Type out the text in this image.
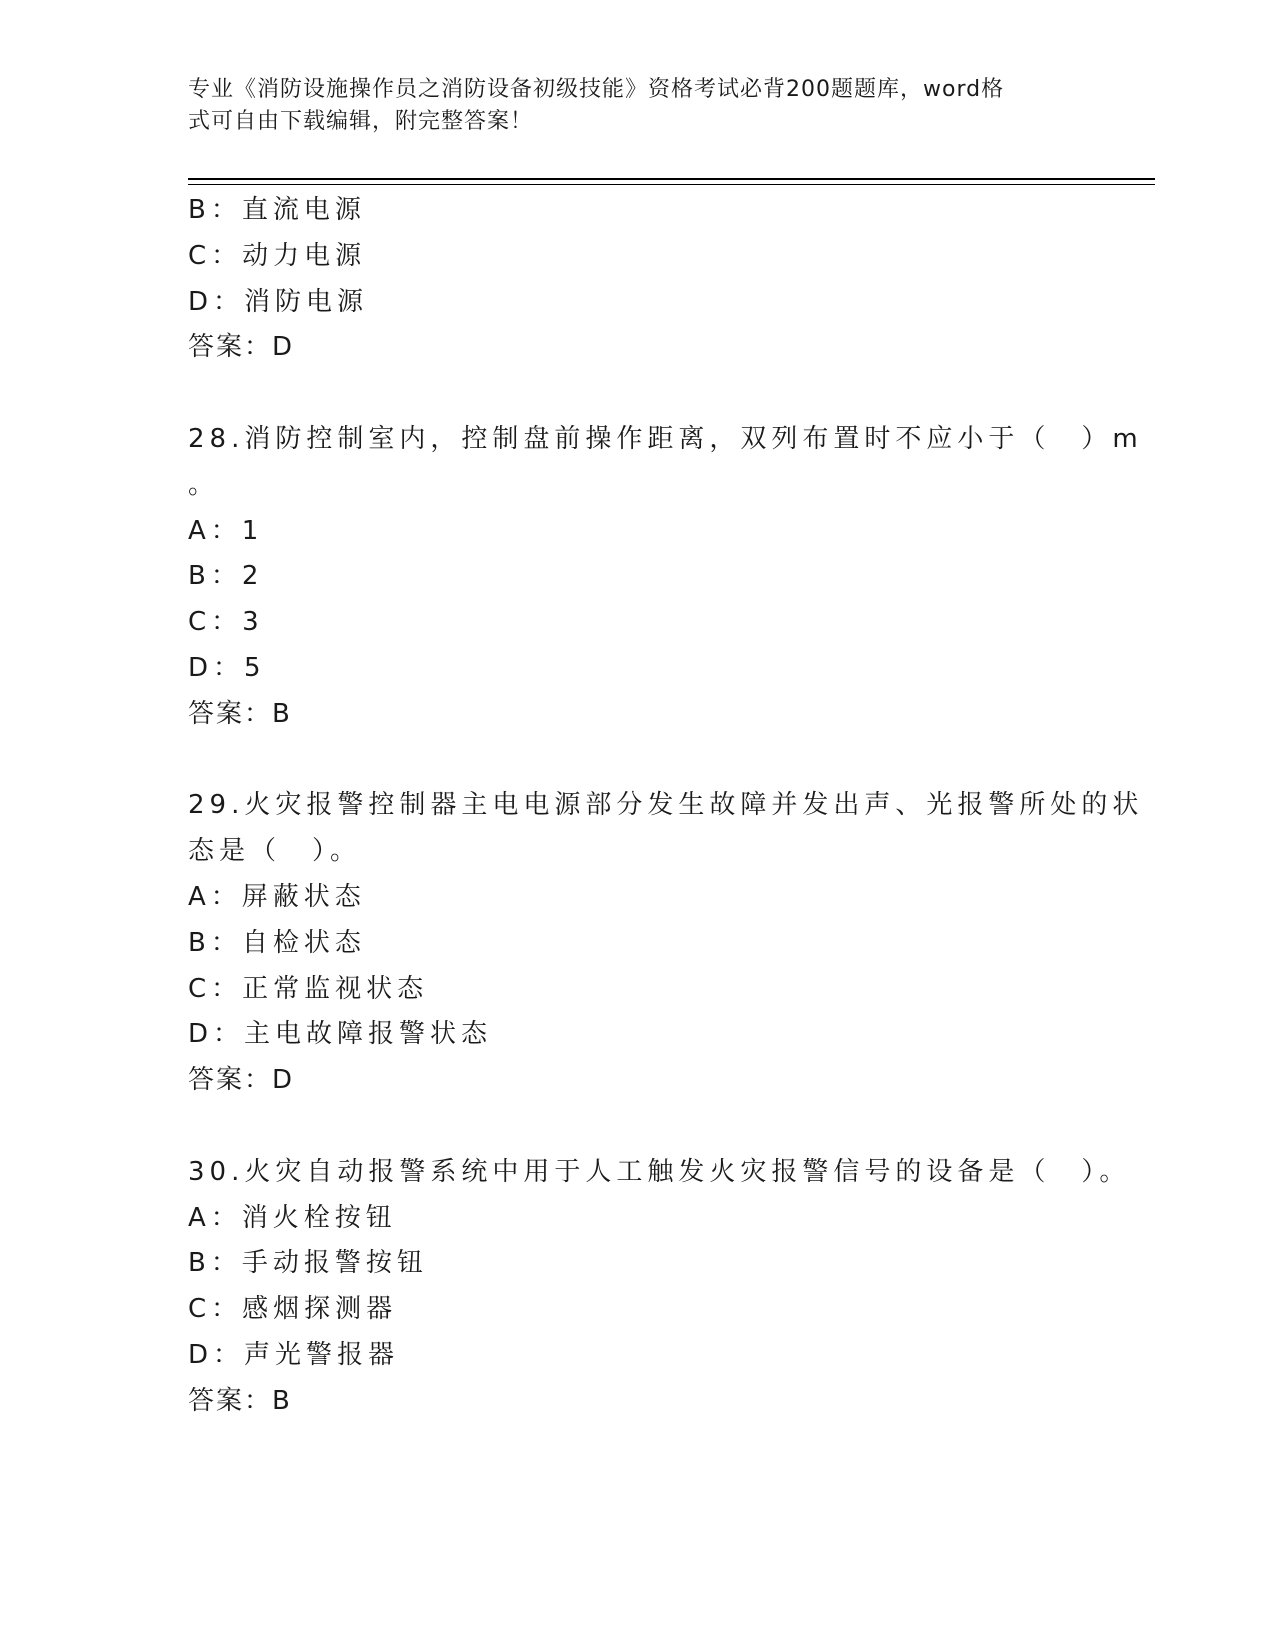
专业《消防设施操作员之消防设备初级技能》资格考试必背200题题库，word格
式可自由下载编辑，附完整答案！
B：直流电源
C：动力电源
D：消防电源
答案：D
28.消防控制室内，控制盘前操作距离，双列布置时不应小于（　）m
。
A：1
B：2
C：3
D：5
答案：B
29.火灾报警控制器主电电源部分发生故障并发出声、光报警所处的状
态是（　）。
A：屏蔽状态
B：自检状态
C：正常监视状态
D：主电故障报警状态
答案：D
30.火灾自动报警系统中用于人工触发火灾报警信号的设备是（　）。
A：消火栓按钮
B：手动报警按钮
C：感烟探测器
D：声光警报器
答案：B
